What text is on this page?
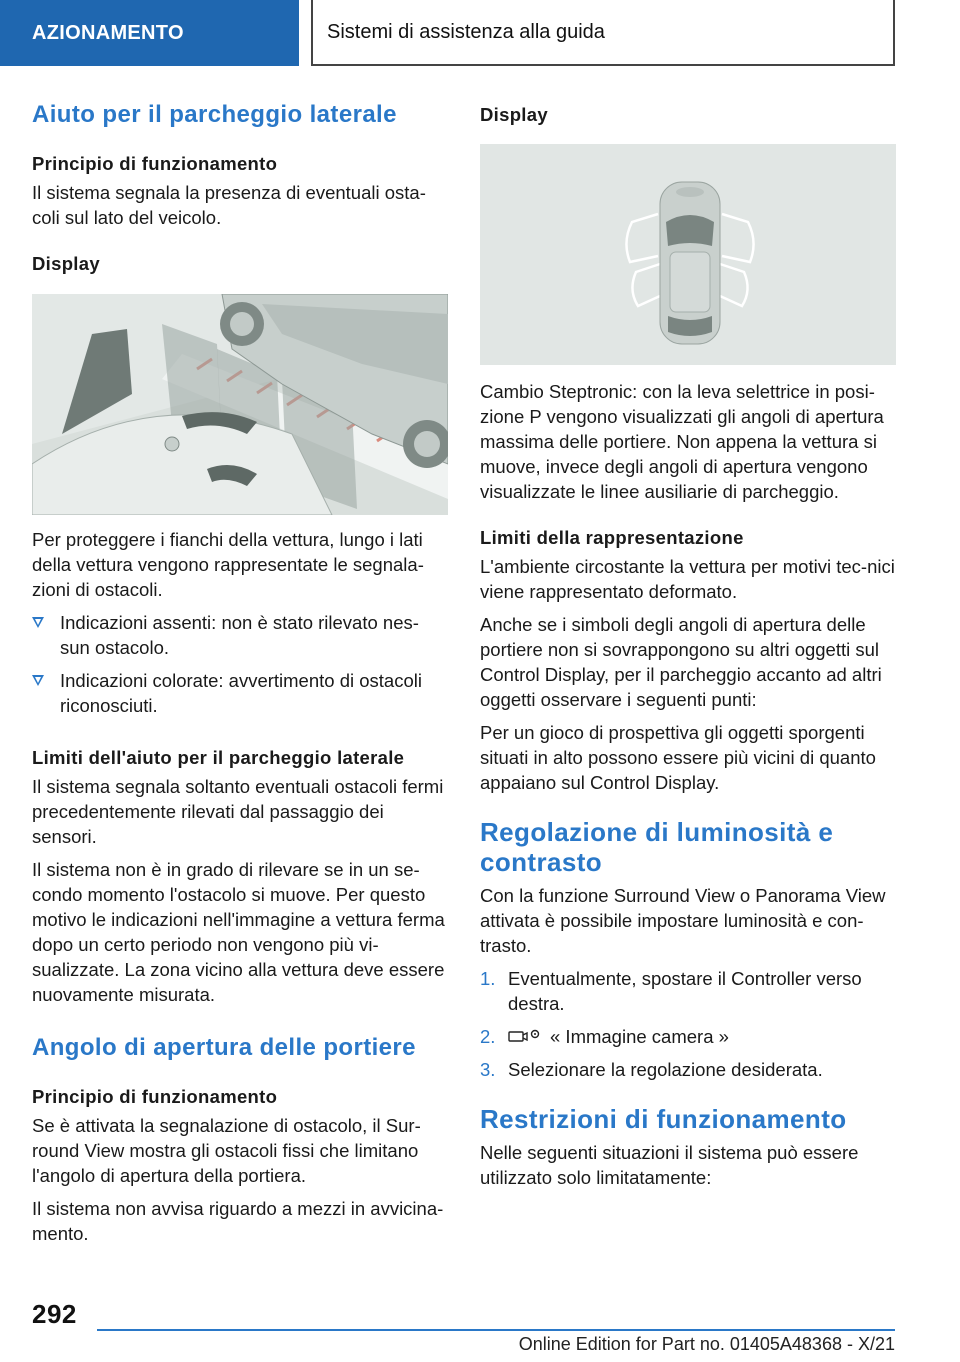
AZIONAMENTO	Sistemi di assistenza alla guida
Aiuto per il parcheggio laterale
Principio di funzionamento

Il sistema segnala la presenza di eventuali osta-coli sul lato del veicolo.

Display

Per proteggere i fianchi della vettura, lungo i lati della vettura vengono rappresentate le segnala-zioni di ostacoli.

Indicazioni assenti: non è stato rilevato nes-sun ostacolo.
Indicazioni colorate: avvertimento di ostacoli riconosciuti.
Limiti dell'aiuto per il parcheggio laterale

Il sistema segnala soltanto eventuali ostacoli fermi precedentemente rilevati dal passaggio dei sensori.

Il sistema non è in grado di rilevare se in un se-condo momento l'ostacolo si muove. Per questo motivo le indicazioni nell'immagine a vettura ferma dopo un certo periodo non vengono più vi-sualizzate. La zona vicino alla vettura deve essere nuovamente misurata.

Angolo di apertura delle portiere
Principio di funzionamento

Se è attivata la segnalazione di ostacolo, il Sur-round View mostra gli ostacoli fissi che limitano l'angolo di apertura della portiera.

Il sistema non avvisa riguardo a mezzi in avvicina-mento.

Display

Cambio Steptronic: con la leva selettrice in posi-zione P vengono visualizzati gli angoli di apertura massima delle portiere. Non appena la vettura si muove, invece degli angoli di apertura vengono visualizzate le linee ausiliarie di parcheggio.

Limiti della rappresentazione

L'ambiente circostante la vettura per motivi tec-nici viene rappresentato deformato.

Anche se i simboli degli angoli di apertura delle portiere non si sovrappongono su altri oggetti sul Control Display, per il parcheggio accanto ad altri oggetti osservare i seguenti punti:

Per un gioco di prospettiva gli oggetti sporgenti situati in alto possono essere più vicini di quanto appaiano sul Control Display.

Regolazione di luminosità e contrasto

Con la funzione Surround View o Panorama View attivata è possibile impostare luminosità e con-trasto.

1. Eventualmente, spostare il Controller verso destra.
2.	« Immagine camera »
3. Selezionare la regolazione desiderata.
Restrizioni di funzionamento

Nelle seguenti situazioni il sistema può essere utilizzato solo limitatamente:

292
Online Edition for Part no. 01405A48368 - X/21
